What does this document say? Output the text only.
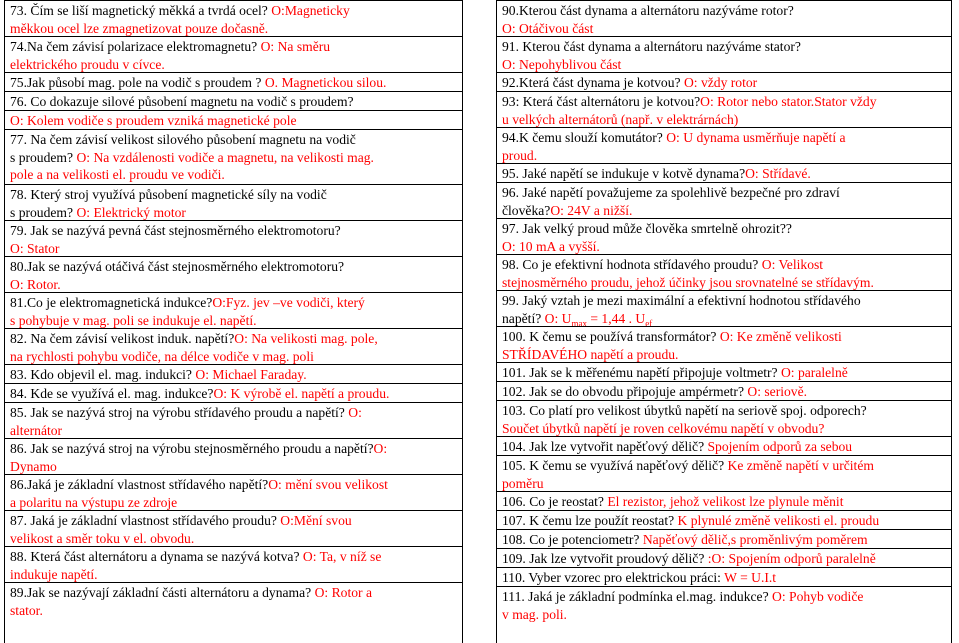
73. Čím se liší magnetický měkká a tvrdá ocel? O:Magneticky
měkkou ocel lze zmagnetizovat pouze dočasně.
74.Na čem závisí polarizace elektromagnetu? O: Na směru
elektrického proudu v cívce.
75.Jak působí mag. pole na vodič s proudem ? O. Magnetickou silou.
76. Co dokazuje silové působení magnetu na vodič s proudem?
O: Kolem vodiče s proudem vzniká magnetické pole
77. Na čem závisí velikost silového působení magnetu na vodič
s proudem? O: Na vzdálenosti vodiče a magnetu, na velikosti mag.
pole a na velikosti el. proudu ve vodiči.
78. Který stroj využívá působení magnetické síly na vodič
s proudem? O: Elektrický motor
79. Jak se nazývá pevná část stejnosměrného elektromotoru?
O: Stator
80.Jak se nazývá otáčivá část stejnosměrného elektromotoru?
O: Rotor.
81.Co je elektromagnetická indukce?O:Fyz. jev –ve vodiči, který
s pohybuje v mag. poli se indukuje el. napětí.
82. Na čem závisí velikost induk. napětí?O: Na velikosti mag. pole,
na rychlosti pohybu vodiče, na délce vodiče v mag. poli
83. Kdo objevil el. mag. indukci? O: Michael Faraday.
84. Kde se využívá el. mag. indukce?O: K výrobě el. napětí a proudu.
85. Jak se nazývá stroj na výrobu střídavého proudu a napětí? O:
alternátor
86. Jak se nazývá stroj na výrobu stejnosměrného proudu a napětí?O:
Dynamo
86.Jaká je základní vlastnost střídavého napětí?O: mění svou velikost
a polaritu na výstupu ze zdroje
87. Jaká je základní vlastnost střídavého proudu? O:Mění svou
velikost a směr toku v el. obvodu.
88. Která část alternátoru a dynama se nazývá kotva? O: Ta, v níž se
indukuje napětí.
89.Jak se nazývají základní části alternátoru a dynama? O: Rotor a
stator.
90.Kterou část dynama a alternátoru nazýváme rotor?
O: Otáčivou část
91. Kterou část dynama a alternátoru nazýváme stator?
O: Nepohyblivou část
92.Která část dynama je kotvou? O: vždy rotor
93: Která část alternátoru je kotvou?O: Rotor nebo stator.Stator vždy
u velkých alternátorů (např. v elektrárnách)
94.K čemu slouží komutátor? O: U dynama usměrňuje napětí a
proud.
95. Jaké napětí se indukuje v kotvě dynama?O: Střídavé.
96. Jaké napětí považujeme za spolehlivě bezpečné pro zdraví
člověka?O: 24V a nižší.
97. Jak velký proud může člověka smrtelně ohrozit??
O: 10 mA a vyšší.
98. Co je efektivní hodnota střídavého proudu? O: Velikost
stejnosměrného proudu, jehož účinky jsou srovnatelné se střídavým.
99. Jaký vztah je mezi maximální a efektivní hodnotou střídavého
napětí? O: $U_{max} = 1,44$ . $U_{ef}$
100. K čemu se používá transformátor? O: Ke změně velikosti
STŘÍDAVÉHO napětí a proudu.
101. Jak se k měřenému napětí připojuje voltmetr? O: paralelně
102. Jak se do obvodu připojuje ampérmetr? O: seriově.
103. Co platí pro velikost úbytků napětí na seriově spoj. odporech?
Součet úbytků napětí je roven celkovému napětí v obvodu?
104. Jak lze vytvořit napěťový dělič? Spojením odporů za sebou
105. K čemu se využívá napěťový dělič? Ke změně napětí v určitém
poměru
106. Co je reostat? El rezistor, jehož velikost lze plynule měnit
107. K čemu lze použít reostat? K plynulé změně velikosti el. proudu
108. Co je potenciometr? Napěťový dělič,s proměnlivým poměrem
109. Jak lze vytvořit proudový dělič? :O: Spojením odporů paralelně
110. Vyber vzorec pro elektrickou práci: W = U.I.t
111. Jaká je základní podmínka el.mag. indukce? O: Pohyb vodiče
v mag. poli.
